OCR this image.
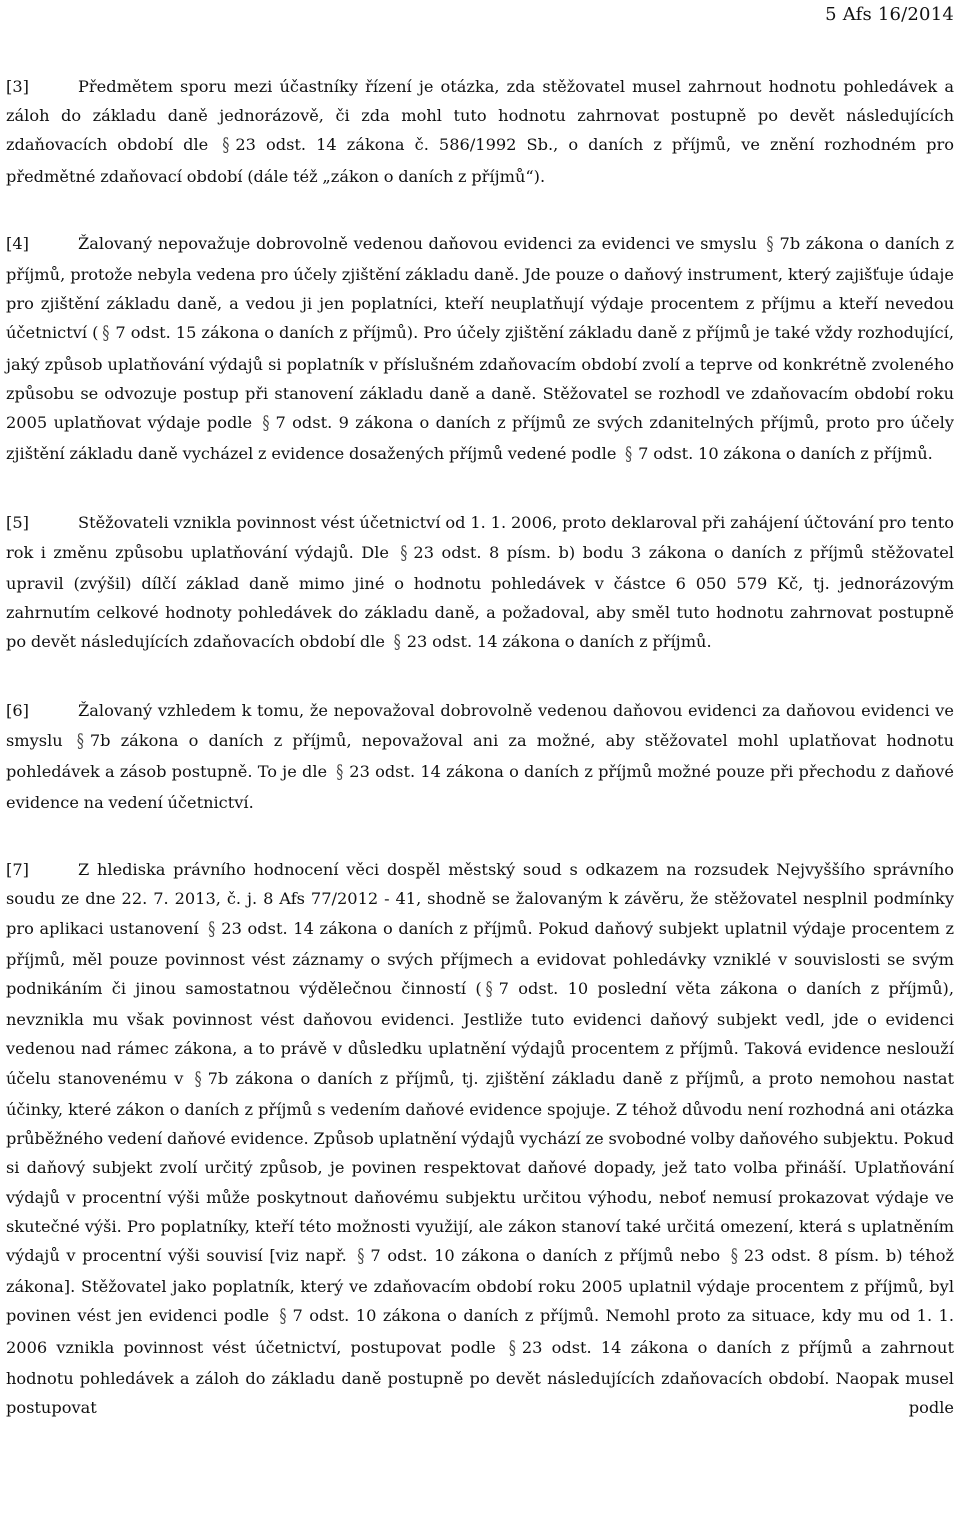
5 Afs 16/2014

[3]	Předmětem sporu mezi účastníky řízení je otázka, zda stěžovatel musel zahrnout hodnotu pohledávek a záloh do základu daně jednorázově, či zda mohl tuto hodnotu zahrnovat postupně po devět následujících zdaňovacích období dle § 23 odst. 14 zákona č. 586/1992 Sb., o daních z příjmů, ve znění rozhodném pro předmětné zdaňovací období (dále též „zákon o daních z příjmů“).

[4]	Žalovaný nepovažuje dobrovolně vedenou daňovou evidenci za evidenci ve smyslu § 7b zákona o daních z příjmů, protože nebyla vedena pro účely zjištění základu daně. Jde pouze o daňový instrument, který zajišťuje údaje pro zjištění základu daně, a vedou ji jen poplatníci, kteří neuplatňují výdaje procentem z příjmu a kteří nevedou účetnictví ( § 7 odst. 15 zákona o daních z příjmů). Pro účely zjištění základu daně z příjmů je také vždy rozhodující, jaký způsob uplatňování výdajů si poplatník v příslušném zdaňovacím období zvolí a teprve od konkrétně zvoleného způsobu se odvozuje postup při stanovení základu daně a daně. Stěžovatel se rozhodl ve zdaňovacím období roku 2005 uplatňovat výdaje podle § 7 odst. 9 zákona o daních z příjmů ze svých zdanitelných příjmů, proto pro účely zjištění základu daně vycházel z evidence dosažených příjmů vedené podle § 7 odst. 10 zákona o daních z příjmů.

[5]	Stěžovateli vznikla povinnost vést účetnictví od 1. 1. 2006, proto deklaroval při zahájení účtování pro tento rok i změnu způsobu uplatňování výdajů. Dle § 23 odst. 8 písm. b) bodu 3 zákona o daních z příjmů stěžovatel upravil (zvýšil) dílčí základ daně mimo jiné o hodnotu pohledávek v částce 6 050 579 Kč, tj. jednorázovým zahrnutím celkové hodnoty pohledávek do základu daně, a požadoval, aby směl tuto hodnotu zahrnovat postupně po devět následujících zdaňovacích období dle § 23 odst. 14 zákona o daních z příjmů.

[6]	Žalovaný vzhledem k tomu, že nepovažoval dobrovolně vedenou daňovou evidenci za daňovou evidenci ve smyslu § 7b zákona o daních z příjmů, nepovažoval ani za možné, aby stěžovatel mohl uplatňovat hodnotu pohledávek a zásob postupně. To je dle § 23 odst. 14 zákona o daních z příjmů možné pouze při přechodu z daňové evidence na vedení účetnictví.

[7]	Z hlediska právního hodnocení věci dospěl městský soud s odkazem na rozsudek Nejvyššího správního soudu ze dne 22. 7. 2013, č. j. 8 Afs 77/2012 - 41, shodně se žalovaným k závěru, že stěžovatel nesplnil podmínky pro aplikaci ustanovení § 23 odst. 14 zákona o daních z příjmů. Pokud daňový subjekt uplatnil výdaje procentem z příjmů, měl pouze povinnost vést záznamy o svých příjmech a evidovat pohledávky vzniklé v souvislosti se svým podnikáním či jinou samostatnou výdělečnou činností ( § 7 odst. 10 poslední věta zákona o daních z příjmů), nevznikla mu však povinnost vést daňovou evidenci. Jestliže tuto evidenci daňový subjekt vedl, jde o evidenci vedenou nad rámec zákona, a to právě v důsledku uplatnění výdajů procentem z příjmů. Taková evidence neslouží účelu stanovenému v § 7b zákona o daních z příjmů, tj. zjištění základu daně z příjmů, a proto nemohou nastat účinky, které zákon o daních z příjmů s vedením daňové evidence spojuje. Z téhož důvodu není rozhodná ani otázka průběžného vedení daňové evidence. Způsob uplatnění výdajů vychází ze svobodné volby daňového subjektu. Pokud si daňový subjekt zvolí určitý způsob, je povinen respektovat daňové dopady, jež tato volba přináší. Uplatňování výdajů v procentní výši může poskytnout daňovému subjektu určitou výhodu, neboť nemusí prokazovat výdaje ve skutečné výši. Pro poplatníky, kteří této možnosti využijí, ale zákon stanoví také určitá omezení, která s uplatněním výdajů v procentní výši souvisí [viz např. § 7 odst. 10 zákona o daních z příjmů nebo § 23 odst. 8 písm. b) téhož zákona]. Stěžovatel jako poplatník, který ve zdaňovacím období roku 2005 uplatnil výdaje procentem z příjmů, byl povinen vést jen evidenci podle § 7 odst. 10 zákona o daních z příjmů. Nemohl proto za situace, kdy mu od 1. 1. 2006 vznikla povinnost vést účetnictví, postupovat podle § 23 odst. 14 zákona o daních z příjmů a zahrnout hodnotu pohledávek a záloh do základu daně postupně po devět následujících zdaňovacích období. Naopak musel postupovat podle
